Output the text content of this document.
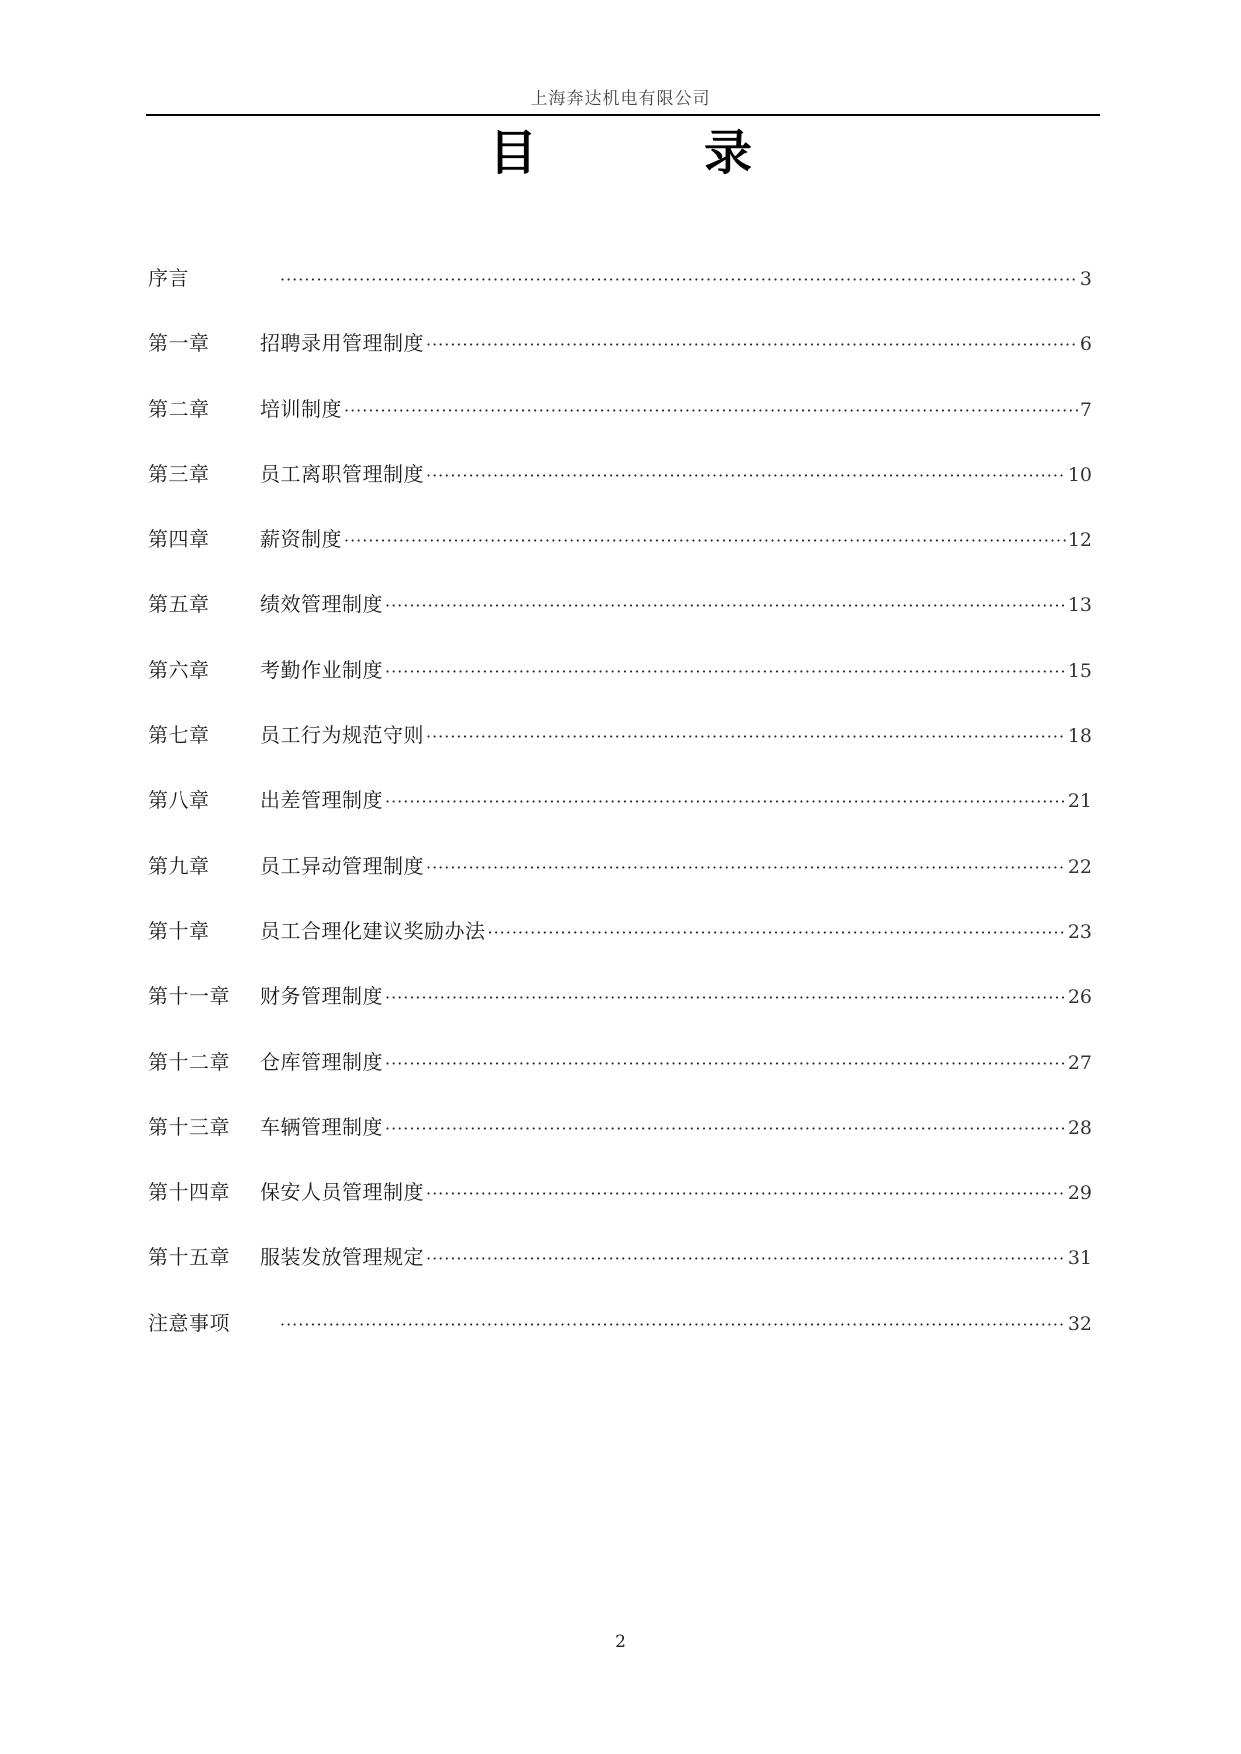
上海奔达机电有限公司
目          录
序言 ·····	3
第一章	招聘录用管理制度 ·····	6
第二章	培训制度 ·····	7
第三章	员工离职管理制度 ·····	10
第四章	薪资制度 ·····	12
第五章	绩效管理制度 ·····	13
第六章	考勤作业制度 ·····	15
第七章	员工行为规范守则 ·····	18
第八章	出差管理制度 ·····	21
第九章	员工异动管理制度 ·····	22
第十章	员工合理化建议奖励办法 ·····	23
第十一章	财务管理制度 ·····	26
第十二章	仓库管理制度 ·····	27
第十三章	车辆管理制度 ·····	28
第十四章	保安人员管理制度 ·····	29
第十五章	服装发放管理规定 ·····	31
注意事项 ·····	32
2
